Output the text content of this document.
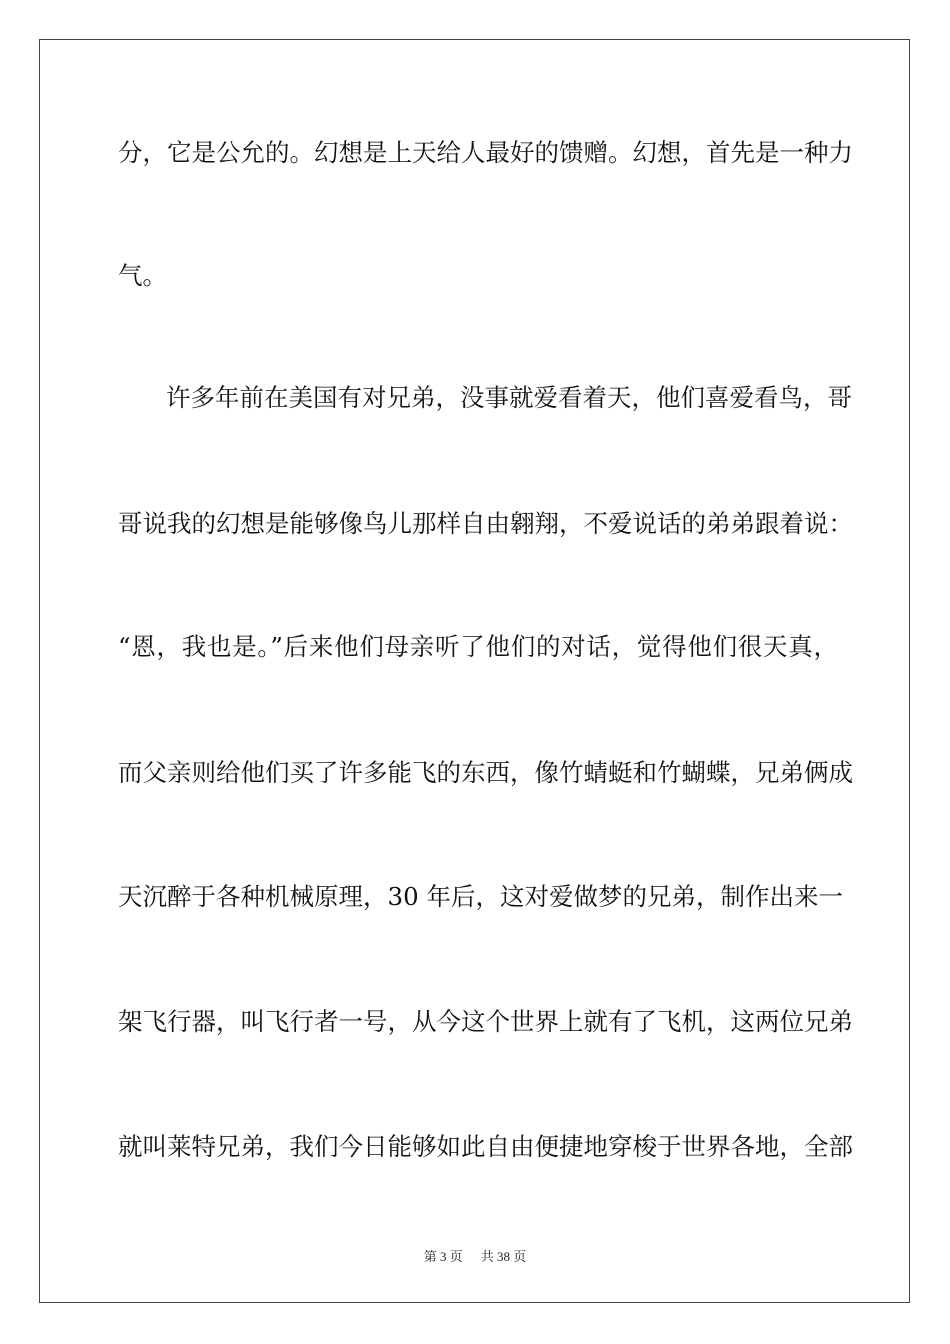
分，它是公允的。幻想是上天给人最好的馈赠。幻想，首先是一种力
气。
许多年前在美国有对兄弟，没事就爱看着天，他们喜爱看鸟，哥
哥说我的幻想是能够像鸟儿那样自由翱翔，不爱说话的弟弟跟着说：
“恩，我也是。”后来他们母亲听了他们的对话，觉得他们很天真，
而父亲则给他们买了许多能飞的东西，像竹蜻蜓和竹蝴蝶，兄弟俩成
天沉醉于各种机械原理，30 年后，这对爱做梦的兄弟，制作出来一
架飞行器，叫飞行者一号，从今这个世界上就有了飞机，这两位兄弟
就叫莱特兄弟，我们今日能够如此自由便捷地穿梭于世界各地，全部
第 3 页 共 38 页
